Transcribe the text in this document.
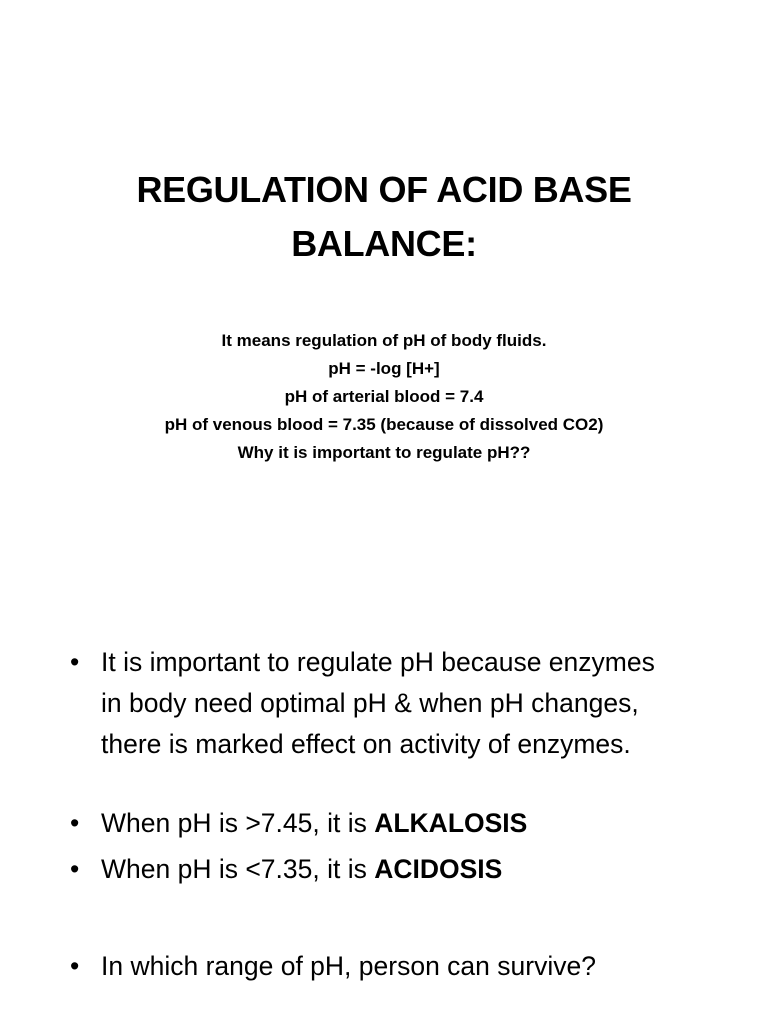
REGULATION OF ACID BASE
BALANCE:
It means regulation of pH of body fluids.
pH = -log [H+]
pH of arterial blood = 7.4
pH of venous blood = 7.35 (because of dissolved CO2)
Why it is important to regulate pH??
• It is important to regulate pH because enzymes
in body need optimal pH & when pH changes,
there is marked effect on activity of enzymes.
• When pH is >7.45, it is ALKALOSIS
• When pH is <7.35, it is ACIDOSIS
• In which range of pH, person can survive?
